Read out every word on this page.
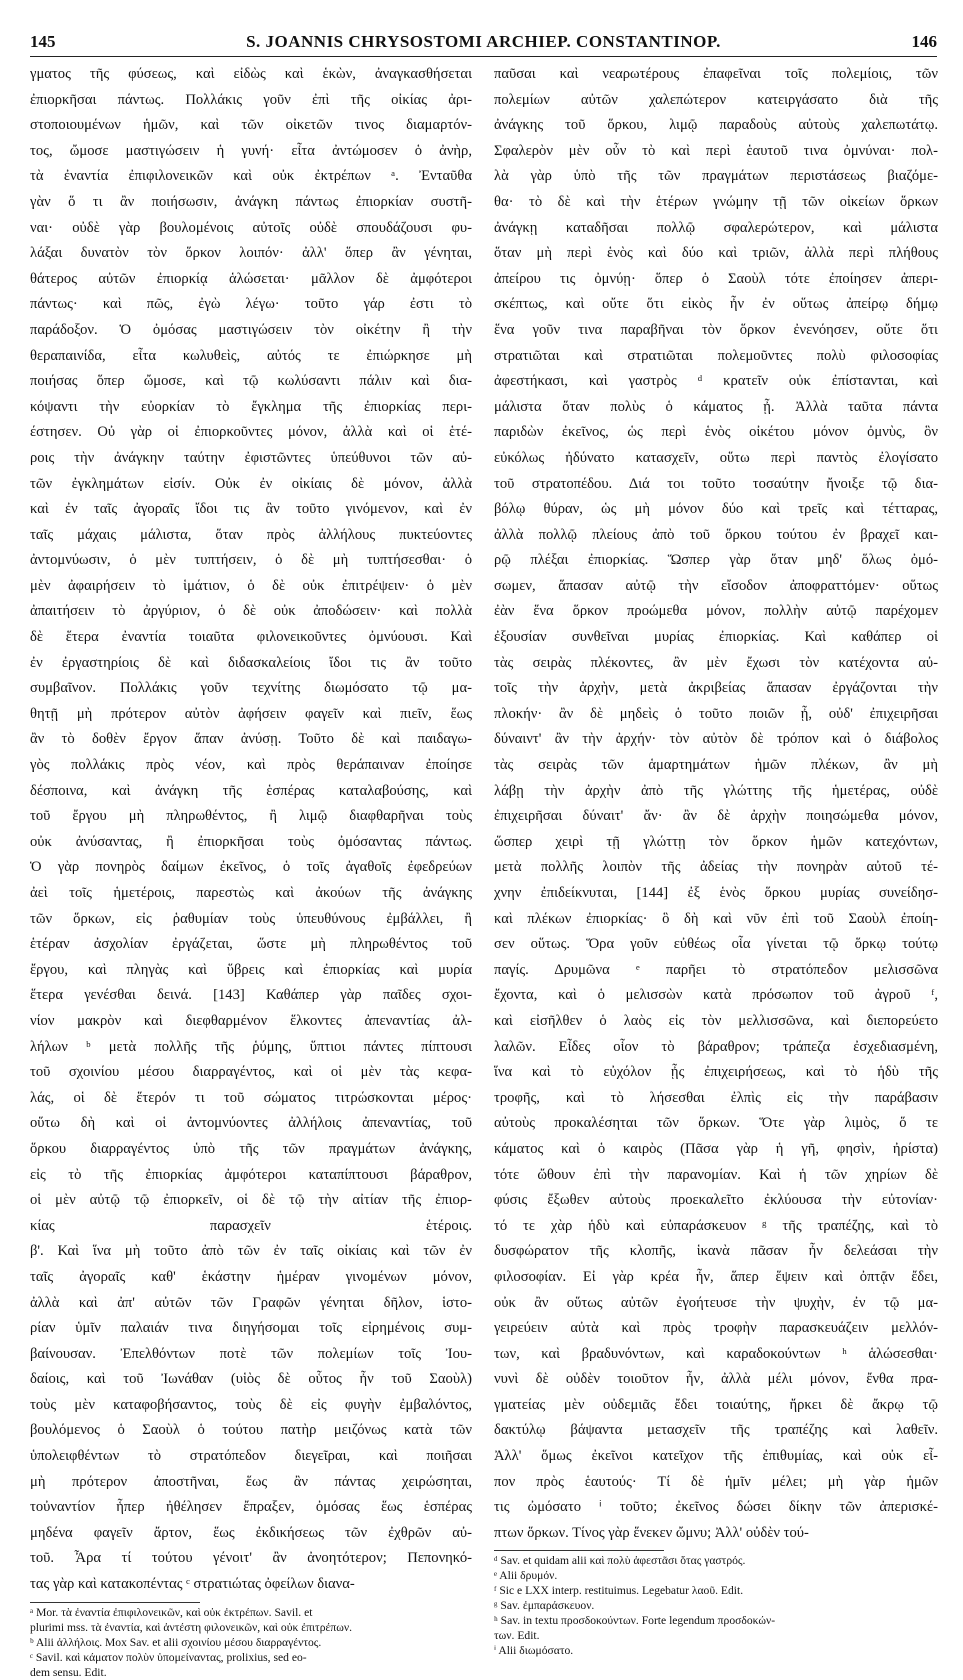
145	S. JOANNIS CHRYSOSTOMI ARCHIEP. CONSTANTINOP.	146
γματος τῆς φύσεως, καὶ εἰδὼς καὶ ἑκὼν, ἀναγκασθήσεται
ἐπιορκῆσαι πάντως. Πολλάκις γοῦν ἐπὶ τῆς οἰκίας ἀρι-
στοποιουμένων ἡμῶν, καὶ τῶν οἰκετῶν τινος διαμαρτόν-
τος, ὤμοσε μαστιγώσειν ἡ γυνή· εἶτα ἀντώμοσεν ὁ ἀνὴρ,
τὰ ἐναντία ἐπιφιλονεικῶν καὶ οὐκ ἐκτρέπων ᵃ. Ἐνταῦθα
γὰν ὅ τι ἂν ποιήσωσιν, ἀνάγκη πάντως ἐπιορκίαν συστῆ-
ναι· οὐδὲ γὰρ βουλομένοις αὐτοῖς οὐδὲ σπουδάζουσι φυ-
λάξαι δυνατὸν τὸν ὅρκον λοιπόν· ἀλλ' ὅπερ ἂν γένηται,
θάτερος αὐτῶν ἐπιορκίᾳ ἁλώσεται· μᾶλλον δὲ ἀμφότεροι
πάντως· καὶ πῶς, ἐγὼ λέγω· τοῦτο γάρ ἐστι τὸ
παράδοξον. Ὁ ὀμόσας μαστιγώσειν τὸν οἰκέτην ἢ τὴν
θεραπαινίδα, εἶτα κωλυθεὶς, αὐτός τε ἐπιώρκησε μὴ
ποιήσας ὅπερ ὤμοσε, καὶ τῷ κωλύσαντι πάλιν καὶ δια-
κόψαντι τὴν εὐορκίαν τὸ ἔγκλημα τῆς ἐπιορκίας περι-
έστησεν. Οὐ γὰρ οἱ ἐπιορκοῦντες μόνον, ἀλλὰ καὶ οἱ ἑτέ-
ροις τὴν ἀνάγκην ταύτην ἐφιστῶντες ὑπεύθυνοι τῶν αὐ-
τῶν ἐγκλημάτων εἰσίν. Οὐκ ἐν οἰκίαις δὲ μόνον, ἀλλὰ
καὶ ἐν ταῖς ἀγοραῖς ἴδοι τις ἂν τοῦτο γινόμενον, καὶ ἐν
ταῖς μάχαις μάλιστα, ὅταν πρὸς ἀλλήλους πυκτεύοντες
ἀντομνύωσιν, ὁ μὲν τυπτήσειν, ὁ δὲ μὴ τυπτήσεσθαι· ὁ
μὲν ἀφαιρήσειν τὸ ἱμάτιον, ὁ δὲ οὐκ ἐπιτρέψειν· ὁ μὲν
ἀπαιτήσειν τὸ ἀργύριον, ὁ δὲ οὐκ ἀποδώσειν· καὶ πολλὰ
δὲ ἕτερα ἐναντία τοιαῦτα φιλονεικοῦντες ὀμνύουσι. Καὶ
ἐν ἐργαστηρίοις δὲ καὶ διδασκαλείοις ἴδοι τις ἂν τοῦτο
συμβαῖνον. Πολλάκις γοῦν τεχνίτης διωμόσατο τῷ μα-
θητῇ μὴ πρότερον αὐτὸν ἀφήσειν φαγεῖν καὶ πιεῖν, ἕως
ἂν τὸ δοθὲν ἔργον ἅπαν ἀνύσῃ. Τοῦτο δὲ καὶ παιδαγω-
γὸς πολλάκις πρὸς νέον, καὶ πρὸς θεράπαιναν ἐποίησε
δέσποινα, καὶ ἀνάγκη τῆς ἑσπέρας καταλαβούσης, καὶ
τοῦ ἔργου μὴ πληρωθέντος, ἢ λιμῷ διαφθαρῆναι τοὺς
οὐκ ἀνύσαντας, ἢ ἐπιορκῆσαι τοὺς ὀμόσαντας πάντως.
Ὁ γὰρ πονηρὸς δαίμων ἐκεῖνος, ὁ τοῖς ἀγαθοῖς ἐφεδρεύων
ἀεὶ τοῖς ἡμετέροις, παρεστὼς καὶ ἀκούων τῆς ἀνάγκης
τῶν ὅρκων, εἰς ῥαθυμίαν τοὺς ὑπευθύνους ἐμβάλλει, ἢ
ἑτέραν ἀσχολίαν ἐργάζεται, ὥστε μὴ πληρωθέντος τοῦ
ἔργου, καὶ πληγὰς καὶ ὕβρεις καὶ ἐπιορκίας καὶ μυρία
ἕτερα γενέσθαι δεινά. [143] Καθάπερ γὰρ παῖδες σχοι-
νίον μακρὸν καὶ διεφθαρμένον ἕλκοντες ἀπεναντίας ἀλ-
λήλων ᵇ μετὰ πολλῆς τῆς ῥύμης, ὕπτιοι πάντες πίπτουσι
τοῦ σχοινίου μέσου διαρραγέντος, καὶ οἱ μὲν τὰς κεφα-
λάς, οἱ δὲ ἕτερόν τι τοῦ σώματος τιτρώσκονται μέρος·
οὕτω δὴ καὶ οἱ ἀντομνύοντες ἀλλήλοις ἀπεναντίας, τοῦ
ὅρκου διαρραγέντος ὑπὸ τῆς τῶν πραγμάτων ἀνάγκης,
εἰς τὸ τῆς ἐπιορκίας ἀμφότεροι καταπίπτουσι βάραθρον,
οἱ μὲν αὐτῷ τῷ ἐπιορκεῖν, οἱ δὲ τῷ τὴν αἰτίαν τῆς ἐπιορ-
κίας παρασχεῖν ἑτέροις.
β'. Καὶ ἵνα μὴ τοῦτο ἀπὸ τῶν ἐν ταῖς οἰκίαις καὶ τῶν ἐν
ταῖς ἀγοραῖς καθ' ἑκάστην ἡμέραν γινομένων μόνον,
ἀλλὰ καὶ ἀπ' αὐτῶν τῶν Γραφῶν γένηται δῆλον, ἱστο-
ρίαν ὑμῖν παλαιάν τινα διηγήσομαι τοῖς εἰρημένοις συμ-
βαίνουσαν. Ἐπελθόντων ποτὲ τῶν πολεμίων τοῖς Ἰου-
δαίοις, καὶ τοῦ Ἰωνάθαν (υἱὸς δὲ οὗτος ἦν τοῦ Σαοὺλ)
τοὺς μὲν καταφοβήσαντος, τοὺς δὲ εἰς φυγὴν ἐμβαλόντος,
βουλόμενος ὁ Σαοὺλ ὁ τούτου πατὴρ μειζόνως κατὰ τῶν
ὑπολειφθέντων τὸ στρατόπεδον διεγεῖραι, καὶ ποιῆσαι
μὴ πρότερον ἀποστῆναι, ἕως ἂν πάντας χειρώσηται,
τοὐναντίον ἧπερ ἠθέλησεν ἔπραξεν, ὀμόσας ἕως ἑσπέρας
μηδένα φαγεῖν ἄρτον, ἕως ἐκδικήσεως τῶν ἐχθρῶν αὐ-
τοῦ. Ἆρα τί τούτου γένοιτ' ἂν ἀνοητότερον; Πεπονηκό-
τας γὰρ καὶ κατακοπέντας ᶜ στρατιώτας ὀφείλων διανα-
ᵃ Mor. τὰ ἐναντία ἐπιφιλονεικῶν, καὶ οὐκ ἐκτρέπων. Savil. et
plurimi mss. τὰ ἐναντία, καὶ ἀντέστη φιλονεικῶν, καὶ οὐκ ἐπιτρέπων.
ᵇ Alii ἀλλήλοις. Mox Sav. et alii σχοινίου μέσου διαρραγέντος.
ᶜ Savil. καὶ κάματον πολὺν ὑπομείναντας, prolixius, sed eo-
dem sensu. Edit.
παῦσαι καὶ νεαρωτέρους ἐπαφεῖναι τοῖς πολεμίοις, τῶν
πολεμίων αὐτῶν χαλεπώτερον κατειργάσατο διὰ τῆς
ἀνάγκης τοῦ ὅρκου, λιμῷ παραδοὺς αὐτοὺς χαλεπωτάτῳ.
Σφαλερὸν μὲν οὖν τὸ καὶ περὶ ἑαυτοῦ τινα ὀμνύναι· πολ-
λὰ γὰρ ὑπὸ τῆς τῶν πραγμάτων περιστάσεως βιαζόμε-
θα· τὸ δὲ καὶ τὴν ἑτέρων γνώμην τῇ τῶν οἰκείων ὅρκων
ἀνάγκῃ καταδῆσαι πολλῷ σφαλερώτερον, καὶ μάλιστα
ὅταν μὴ περὶ ἑνὸς καὶ δύο καὶ τριῶν, ἀλλὰ περὶ πλήθους
ἀπείρου τις ὀμνύῃ· ὅπερ ὁ Σαοὺλ τότε ἐποίησεν ἀπερι-
σκέπτως, καὶ οὔτε ὅτι εἰκὸς ἦν ἐν οὕτως ἀπείρῳ δήμῳ
ἕνα γοῦν τινα παραβῆναι τὸν ὅρκον ἐνενόησεν, οὔτε ὅτι
στρατιῶται καὶ στρατιῶται πολεμοῦντες πολὺ φιλοσοφίας
ἀφεστήκασι, καὶ γαστρὸς ᵈ κρατεῖν οὐκ ἐπίστανται, καὶ
μάλιστα ὅταν πολὺς ὁ κάματος ᾖ. Ἀλλὰ ταῦτα πάντα
παριδὼν ἐκεῖνος, ὡς περὶ ἑνὸς οἰκέτου μόνον ὀμνὺς, ὃν
εὐκόλως ἠδύνατο κατασχεῖν, οὕτω περὶ παντὸς ἐλογίσατο
τοῦ στρατοπέδου. Διά τοι τοῦτο τοσαύτην ἤνοιξε τῷ δια-
βόλῳ θύραν, ὡς μὴ μόνον δύο καὶ τρεῖς καὶ τέτταρας,
ἀλλὰ πολλῷ πλείους ἀπὸ τοῦ ὅρκου τούτου ἐν βραχεῖ και-
ρῷ πλέξαι ἐπιορκίας. Ὥσπερ γὰρ ὅταν μηδ' ὅλως ὀμό-
σωμεν, ἅπασαν αὐτῷ τὴν εἴσοδον ἀποφραττόμεν· οὕτως
ἐὰν ἕνα ὅρκον προώμεθα μόνον, πολλὴν αὐτῷ παρέχομεν
ἐξουσίαν συνθεῖναι μυρίας ἐπιορκίας. Καὶ καθάπερ οἱ
τὰς σειρὰς πλέκοντες, ἂν μὲν ἔχωσι τὸν κατέχοντα αὐ-
τοῖς τὴν ἀρχὴν, μετὰ ἀκριβείας ἅπασαν ἐργάζονται τὴν
πλοκήν· ἂν δὲ μηδεὶς ὁ τοῦτο ποιῶν ᾖ, οὐδ' ἐπιχειρῆσαι
δύναιντ' ἂν τὴν ἀρχήν· τὸν αὐτὸν δὲ τρόπον καὶ ὁ διάβολος
τὰς σειρὰς τῶν ἁμαρτημάτων ἡμῶν πλέκων, ἂν μὴ
λάβῃ τὴν ἀρχὴν ἀπὸ τῆς γλώττης τῆς ἡμετέρας, οὐδὲ
ἐπιχειρῆσαι δύναιτ' ἄν· ἂν δὲ ἀρχὴν ποιησώμεθα μόνον,
ὥσπερ χειρὶ τῇ γλώττῃ τὸν ὅρκον ἡμῶν κατεχόντων,
μετὰ πολλῆς λοιπὸν τῆς ἀδείας τὴν πονηρὰν αὐτοῦ τέ-
χνην ἐπιδείκνυται, [144] ἐξ ἑνὸς ὅρκου μυρίας συνείδησ-
καὶ πλέκων ἐπιορκίας· ὃ δὴ καὶ νῦν ἐπὶ τοῦ Σαοὺλ ἐποίη-
σεν οὕτως. Ὅρα γοῦν εὐθέως οἷα γίνεται τῷ ὅρκῳ τούτῳ
παγίς. Δρυμῶνα ᵉ παρῆει τὸ στρατόπεδον μελισσῶνα
ἔχοντα, καὶ ὁ μελισσὼν κατὰ πρόσωπον τοῦ ἀγροῦ ᶠ,
καὶ εἰσῆλθεν ὁ λαὸς εἰς τὸν μελλισσῶνα, καὶ διεπορεύετο
λαλῶν. Εἶδες οἷον τὸ βάραθρον; τράπεζα ἐσχεδιασμένη,
ἵνα καὶ τὸ εὐχόλον ᾖς ἐπιχειρήσεως, καὶ τὸ ἡδὺ τῆς
τροφῆς, καὶ τὸ λήσεσθαι ἐλπὶς εἰς τὴν παράβασιν
αὐτοὺς προκαλέσηται τῶν ὅρκων. Ὅτε γὰρ λιμὸς, ὅ τε
κάματος καὶ ὁ καιρὸς (Πᾶσα γὰρ ἡ γῆ, φησὶν, ἠρίστα)
τότε ὤθουν ἐπὶ τὴν παρανομίαν. Καὶ ἡ τῶν χηρίων δὲ
φύσις ἔξωθεν αὐτοὺς προεκαλεῖτο ἐκλύουσα τὴν εὐτονίαν·
τό τε χὰρ ἡδὺ καὶ εὐπαράσκευον ᵍ τῆς τραπέζης, καὶ τὸ
δυσφώρατον τῆς κλοπῆς, ἱκανὰ πᾶσαν ἦν δελεάσαι τὴν
φιλοσοφίαν. Εἰ γὰρ κρέα ἦν, ἅπερ ἕψειν καὶ ὀπτᾷν ἔδει,
οὐκ ἂν οὕτως αὐτῶν ἐγοήτευσε τὴν ψυχὴν, ἐν τῷ μα-
γειρεύειν αὐτὰ καὶ πρὸς τροφὴν παρασκευάζειν μελλόν-
των, καὶ βραδυνόντων, καὶ καραδοκούντων ʰ ἁλώσεσθαι·
νυνὶ δὲ οὐδὲν τοιοῦτον ἦν, ἀλλὰ μέλι μόνον, ἔνθα πρα-
γματείας μὲν οὐδεμιᾶς ἔδει τοιαύτης, ἤρκει δὲ ἄκρῳ τῷ
δακτύλῳ βάψαντα μετασχεῖν τῆς τραπέζης καὶ λαθεῖν.
Ἀλλ' ὅμως ἐκεῖνοι κατεῖχον τῆς ἐπιθυμίας, καὶ οὐκ εἶ-
πον πρὸς ἑαυτούς· Τί δὲ ἡμῖν μέλει; μὴ γὰρ ἡμῶν
τις ὠμόσατο ⁱ τοῦτο; ἐκεῖνος δώσει δίκην τῶν ἀπερισκέ-
πτων ὅρκων. Τίνος γὰρ ἕνεκεν ὤμνυ; Ἀλλ' οὐδὲν τού-
ᵈ Sav. et quidam alii καὶ πολὺ ἀφεστᾶσι ὅτας γαστρός.
ᵉ Alii δρυμόν.
ᶠ Sic e LXX interp. restituimus. Legebatur λαοῦ. Edit.
ᵍ Sav. ἐμπαράσκευον.
ʰ Sav. in textu προσδοκούντων. Forte legendum προσδοκών-
των. Edit.
ⁱ Alii διωμόσατο.
